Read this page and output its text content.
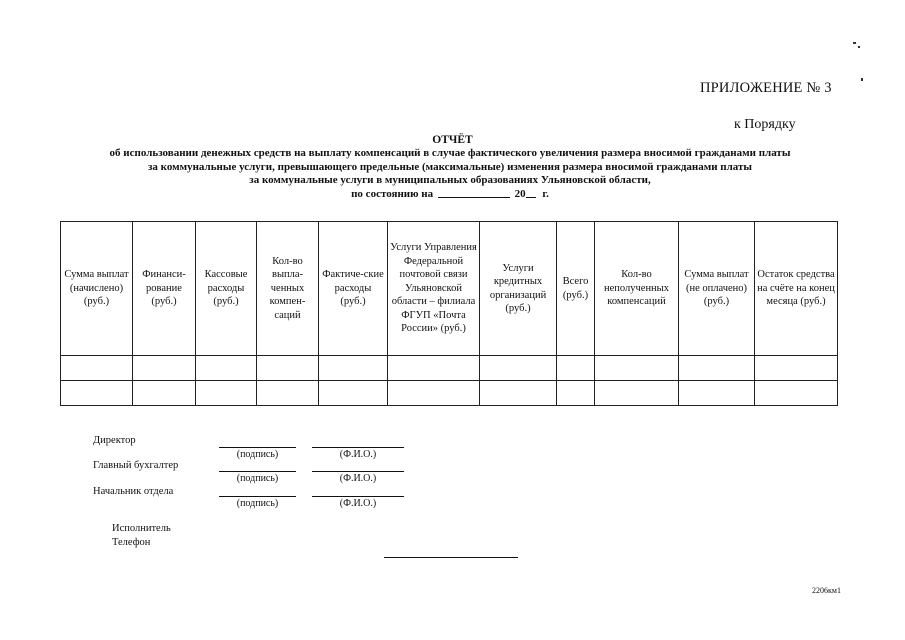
ПРИЛОЖЕНИЕ № 3
к Порядку
ОТЧЁТ
об использовании денежных средств на выплату компенсаций в случае фактического увеличения размера вносимой гражданами платы
за коммунальные услуги, превышающего предельные (максимальные) изменения размера вносимой гражданами платы
за коммунальные услуги в муниципальных образованиях Ульяновской области,
по состоянию на	20 г.
Сумма выплат (начислено) (руб.)	Финанси-рование (руб.)	Кассовые расходы (руб.)	Кол-во выпла-ченных компен-саций	Фактиче-ские расходы (руб.)	Услуги Управления Федеральной почтовой связи Ульяновской области – филиала ФГУП «Почта России» (руб.)	Услуги кредитных организаций (руб.)	Всего (руб.)	Кол-во неполученных компенсаций	Сумма выплат (не оплачено) (руб.)	Остаток средства на счёте на конец месяца (руб.)

Директор
(подпись)	(Ф.И.О.)
Главный бухгалтер
(подпись)	(Ф.И.О.)
Начальник отдела
(подпись)	(Ф.И.О.)
Исполнитель
Телефон
2206км1
